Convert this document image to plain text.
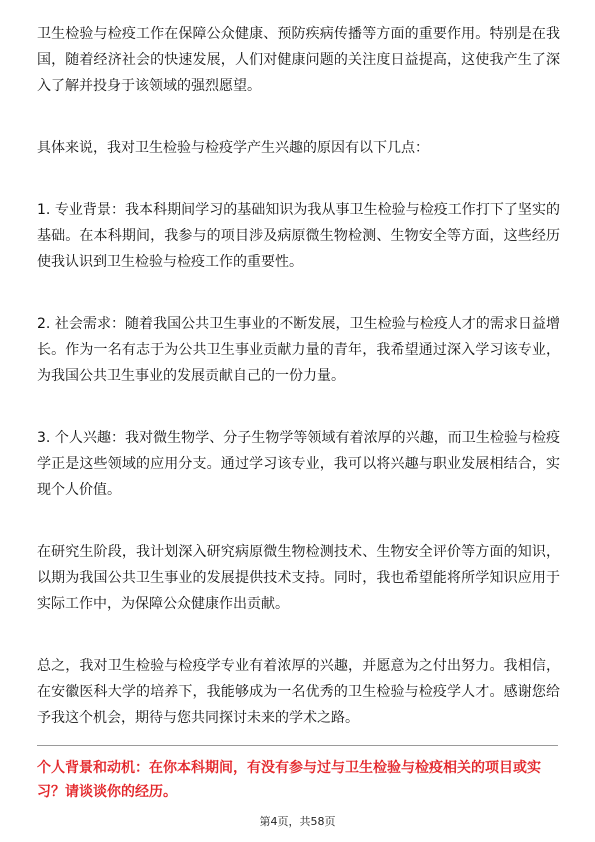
卫生检验与检疫工作在保障公众健康、预防疾病传播等方面的重要作用。特别是在我国，随着经济社会的快速发展，人们对健康问题的关注度日益提高，这使我产生了深入了解并投身于该领域的强烈愿望。

具体来说，我对卫生检验与检疫学产生兴趣的原因有以下几点：

1. 专业背景：我本科期间学习的基础知识为我从事卫生检验与检疫工作打下了坚实的基础。在本科期间，我参与的项目涉及病原微生物检测、生物安全等方面，这些经历使我认识到卫生检验与检疫工作的重要性。

2. 社会需求：随着我国公共卫生事业的不断发展，卫生检验与检疫人才的需求日益增长。作为一名有志于为公共卫生事业贡献力量的青年，我希望通过深入学习该专业，为我国公共卫生事业的发展贡献自己的一份力量。

3. 个人兴趣：我对微生物学、分子生物学等领域有着浓厚的兴趣，而卫生检验与检疫学正是这些领域的应用分支。通过学习该专业，我可以将兴趣与职业发展相结合，实现个人价值。

在研究生阶段，我计划深入研究病原微生物检测技术、生物安全评价等方面的知识，以期为我国公共卫生事业的发展提供技术支持。同时，我也希望能将所学知识应用于实际工作中，为保障公众健康作出贡献。

总之，我对卫生检验与检疫学专业有着浓厚的兴趣，并愿意为之付出努力。我相信，在安徽医科大学的培养下，我能够成为一名优秀的卫生检验与检疫学人才。感谢您给予我这个机会，期待与您共同探讨未来的学术之路。

个人背景和动机：在你本科期间，有没有参与过与卫生检验与检疫相关的项目或实习？请谈谈你的经历。

第4页，共58页
